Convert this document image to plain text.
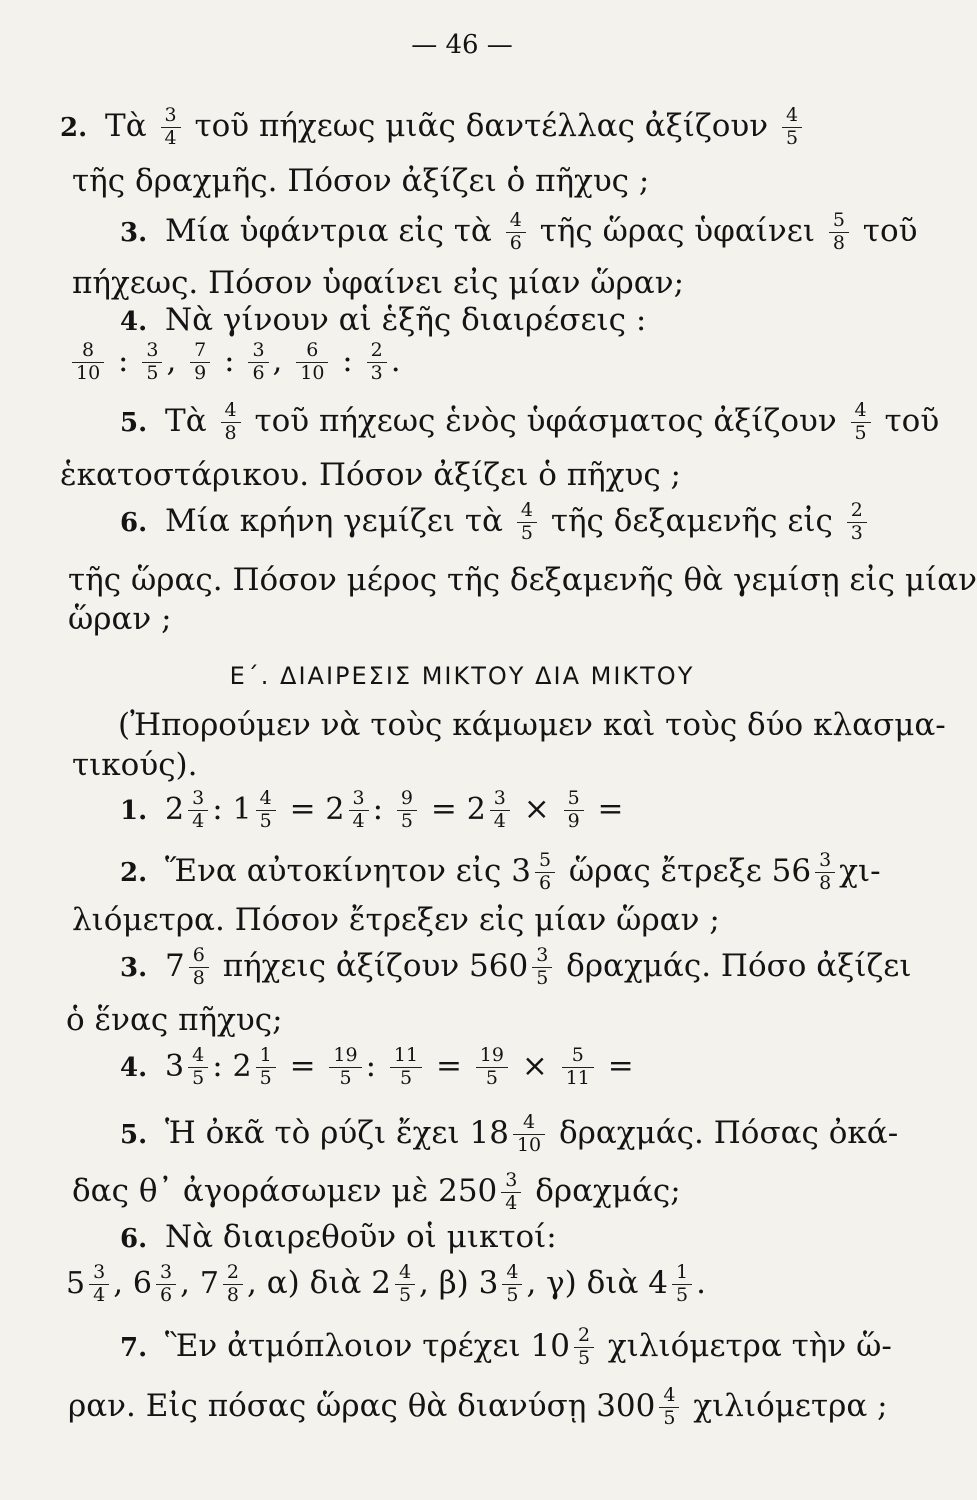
— 46 —
2. Τὰ $\frac{3}{4}$ τοῦ πήχεως μιᾶς δαντέλλας ἀξίζουν $\frac{4}{5}$
τῆς δραχμῆς. Πόσον ἀξίζει ὁ πῆχυς ;
3. Μία ὑφάντρια εἰς τὰ $\frac{4}{6}$ τῆς ὥρας ὑφαίνει $\frac{5}{8}$ τοῦ
πήχεως. Πόσον ὑφαίνει εἰς μίαν ὥραν;
4. Νὰ γίνουν αἱ ἑξῆς διαιρέσεις :
$\frac{8}{10}$ : $\frac{3}{5}$ , $\frac{7}{9}$ : $\frac{3}{6}$ , $\frac{6}{10}$ : $\frac{2}{3}$ .
5. Τὰ $\frac{4}{8}$ τοῦ πήχεως ἑνὸς ὑφάσματος ἀξίζουν $\frac{4}{5}$ τοῦ
ἑκατοστάρικου. Πόσον ἀξίζει ὁ πῆχυς ;
6. Μία κρήνη γεμίζει τὰ $\frac{4}{5}$ τῆς δεξαμενῆς εἰς $\frac{2}{3}$
τῆς ὥρας. Πόσον μέρος τῆς δεξαμενῆς θὰ γεμίσῃ εἰς μίαν
ὥραν ;
Ε΄. ΔΙΑΙΡΕΣΙΣ ΜΙΚΤΟΥ ΔΙΑ ΜΙΚΤΟΥ
(Ἠπορούμεν νὰ τοὺς κάμωμεν καὶ τοὺς δύο κλασμα-
τικούς).
1. $2 \frac{3}{4}$ : $1 \frac{4}{5} = 2 \frac{3}{4}$ : $\frac{9}{5} = 2 \frac{3}{4} \times \frac{5}{9}$ =
2. Ἕνα αὐτοκίνητον εἰς $3 \frac{5}{6}$ ὥρας ἔτρεξε $56 \frac{3}{8} \chi\iota-$
λιόμετρα. Πόσον ἔτρεξεν εἰς μίαν ὥραν ;
3. $7 \frac{6}{8}$ πήχεις ἀξίζουν $560 \frac{3}{5} \delta\rho\alpha\chi\mu ά\varsigma$. Πόσο ἀξίζει
ὁ ἕνας πῆχυς;
4. $3 \frac{4}{5}$ : $2 \frac{1}{5} = \frac{19}{5}$ : $\frac{11}{5} = \frac{19}{5} \times \frac{5}{11}$ =
5. Ἡ ὀκᾶ τὸ ρύζι ἔχει $18 \frac{4}{10} \delta\rho\alpha\chi\mu ά\varsigma$. Πόσας ὀκά-
δας θ᾽ ἀγοράσωμεν μὲ $250 \frac{3}{4} \delta\rho\alpha\chi\mu ά\varsigma$;
6. Νὰ διαιρεθοῦν οἱ μικτοί:
$5 \frac{3}{4}$ , $6 \frac{3}{6}$ , $7 \frac{2}{8}$ , α) διὰ $2 \frac{4}{5}$ , β) $3 \frac{4}{5}$ , γ) διὰ $4 \frac{1}{5}$ .
7. Ἓν ἀτμόπλοιον τρέχει $10 \frac{2}{5}$ χιλιόμετρα τὴν ὥ-
ραν. Εἰς πόσας ὥρας θὰ διανύσῃ $300 \frac{4}{5}$ χιλιόμετρα ;
